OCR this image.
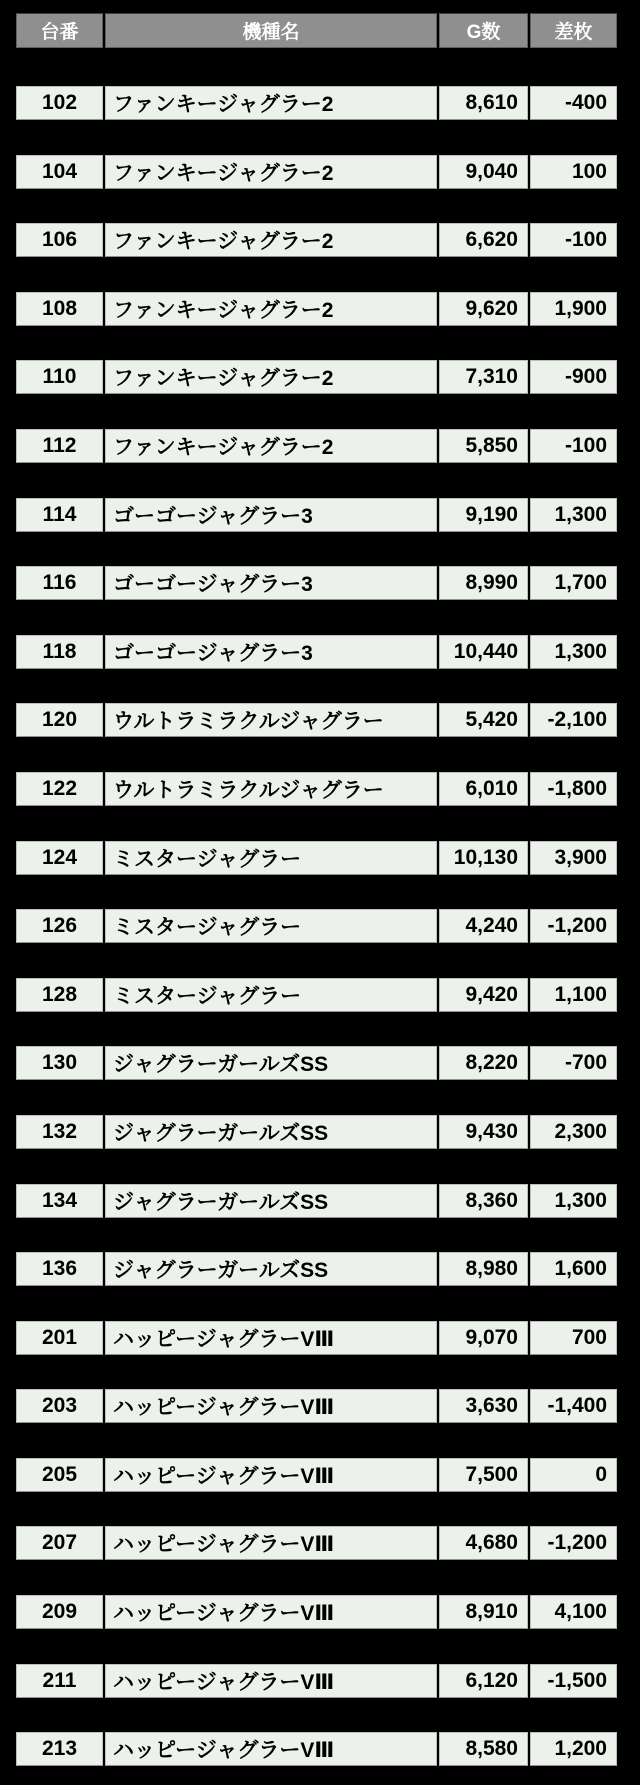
台番	機種名	G数	差枚
102	ファンキージャグラー2	8,610	-400
104	ファンキージャグラー2	9,040	100
106	ファンキージャグラー2	6,620	-100
108	ファンキージャグラー2	9,620	1,900
110	ファンキージャグラー2	7,310	-900
112	ファンキージャグラー2	5,850	-100
114	ゴーゴージャグラー3	9,190	1,300
116	ゴーゴージャグラー3	8,990	1,700
118	ゴーゴージャグラー3	10,440	1,300
120	ウルトラミラクルジャグラー	5,420	-2,100
122	ウルトラミラクルジャグラー	6,010	-1,800
124	ミスタージャグラー	10,130	3,900
126	ミスタージャグラー	4,240	-1,200
128	ミスタージャグラー	9,420	1,100
130	ジャグラーガールズSS	8,220	-700
132	ジャグラーガールズSS	9,430	2,300
134	ジャグラーガールズSS	8,360	1,300
136	ジャグラーガールズSS	8,980	1,600
201	ハッピージャグラーVⅢ	9,070	700
203	ハッピージャグラーVⅢ	3,630	-1,400
205	ハッピージャグラーVⅢ	7,500	0
207	ハッピージャグラーVⅢ	4,680	-1,200
209	ハッピージャグラーVⅢ	8,910	4,100
211	ハッピージャグラーVⅢ	6,120	-1,500
213	ハッピージャグラーVⅢ	8,580	1,200
